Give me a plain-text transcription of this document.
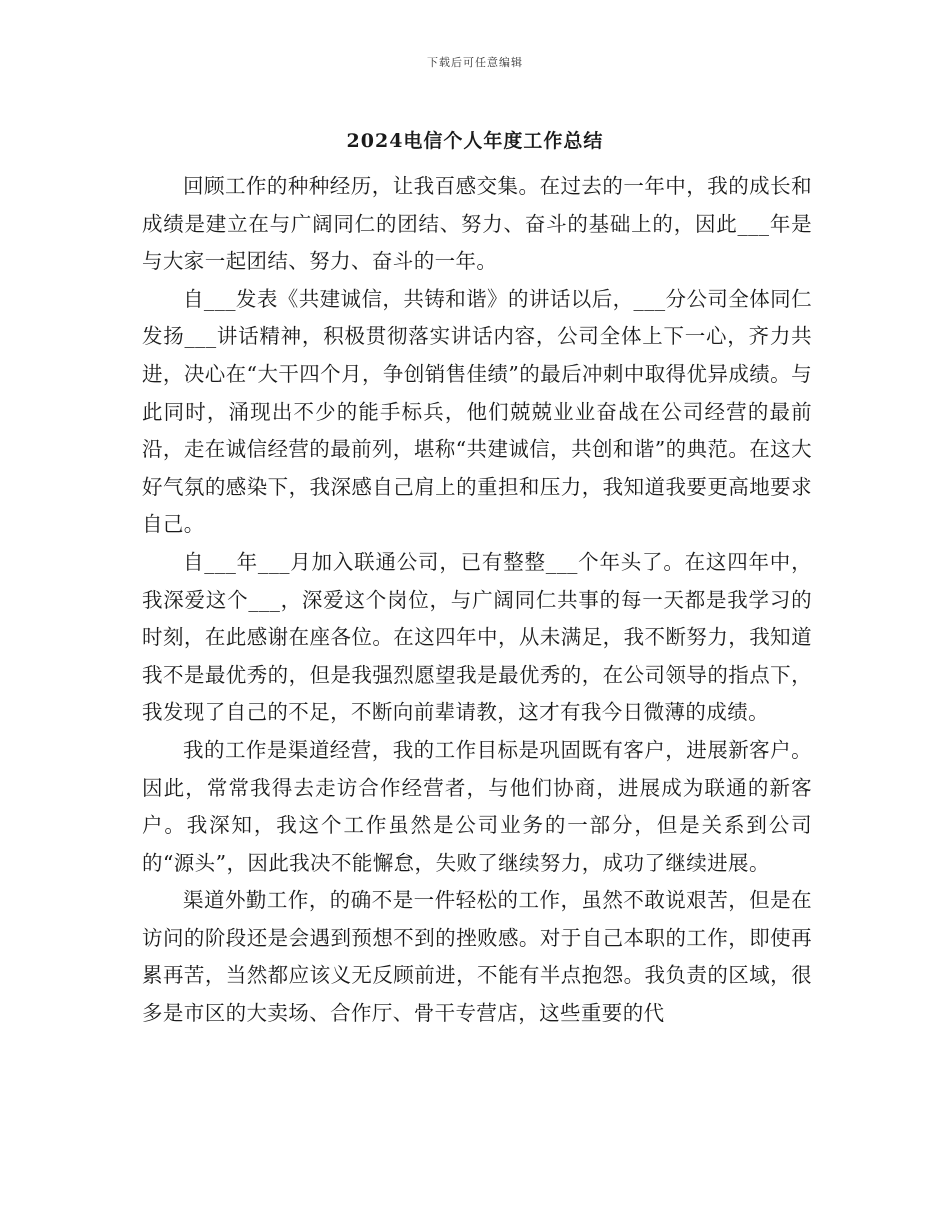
下载后可任意编辑
2024电信个人年度工作总结

回顾工作的种种经历，让我百感交集。在过去的一年中，我的成长和成绩是建立在与广阔同仁的团结、努力、奋斗的基础上的，因此___年是与大家一起团结、努力、奋斗的一年。

自___发表《共建诚信，共铸和谐》的讲话以后，___分公司全体同仁发扬___讲话精神，积极贯彻落实讲话内容，公司全体上下一心，齐力共进，决心在“大干四个月，争创销售佳绩”的最后冲刺中取得优异成绩。与此同时，涌现出不少的能手标兵，他们兢兢业业奋战在公司经营的最前沿，走在诚信经营的最前列，堪称“共建诚信，共创和谐”的典范。在这大好气氛的感染下，我深感自己肩上的重担和压力，我知道我要更高地要求自己。

自___年___月加入联通公司，已有整整___个年头了。在这四年中，我深爱这个___，深爱这个岗位，与广阔同仁共事的每一天都是我学习的时刻，在此感谢在座各位。在这四年中，从未满足，我不断努力，我知道我不是最优秀的，但是我强烈愿望我是最优秀的，在公司领导的指点下，我发现了自己的不足，不断向前辈请教，这才有我今日微薄的成绩。

我的工作是渠道经营，我的工作目标是巩固既有客户，进展新客户。因此，常常我得去走访合作经营者，与他们协商，进展成为联通的新客户。我深知，我这个工作虽然是公司业务的一部分，但是关系到公司的“源头”，因此我决不能懈怠，失败了继续努力，成功了继续进展。

渠道外勤工作，的确不是一件轻松的工作，虽然不敢说艰苦，但是在访问的阶段还是会遇到预想不到的挫败感。对于自己本职的工作，即使再累再苦，当然都应该义无反顾前进，不能有半点抱怨。我负责的区域，很多是市区的大卖场、合作厅、骨干专营店，这些重要的代
